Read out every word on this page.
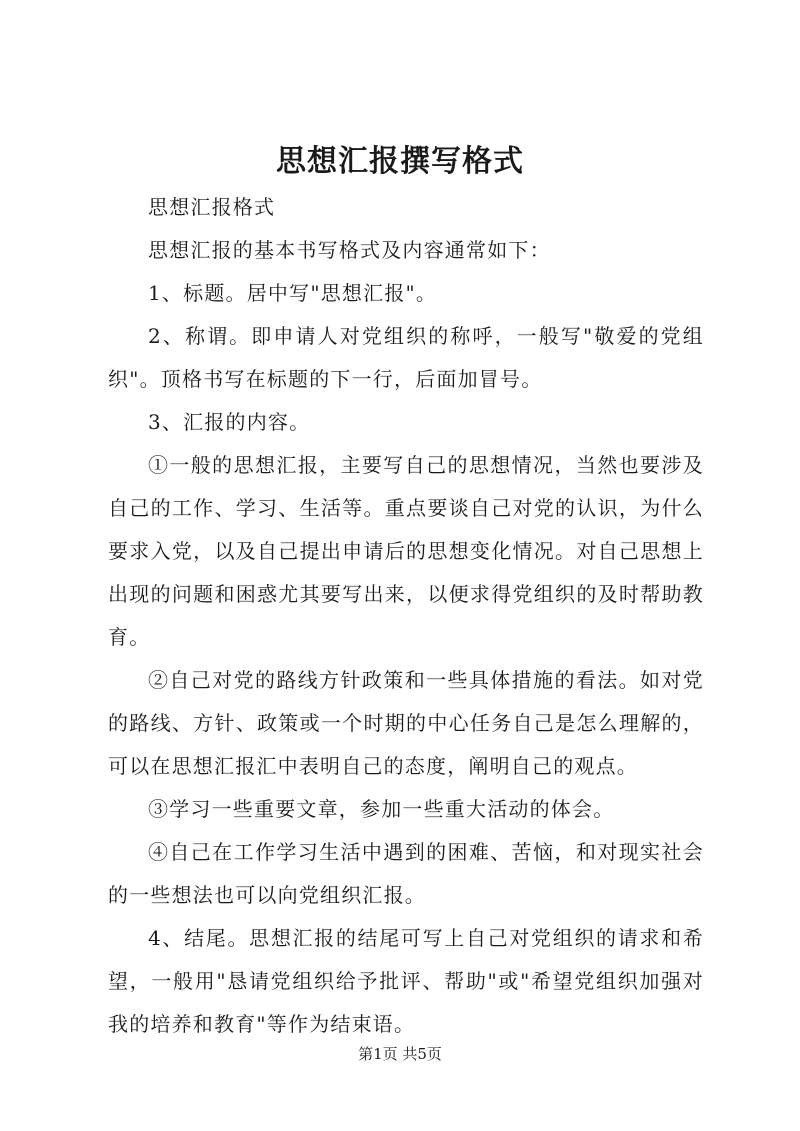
思想汇报撰写格式

思想汇报格式

思想汇报的基本书写格式及内容通常如下：

1、标题。居中写"思想汇报"。

2、称谓。即申请人对党组织的称呼，一般写"敬爱的党组织"。顶格书写在标题的下一行，后面加冒号。

3、汇报的内容。

①一般的思想汇报，主要写自己的思想情况，当然也要涉及自己的工作、学习、生活等。重点要谈自己对党的认识，为什么要求入党，以及自己提出申请后的思想变化情况。对自己思想上出现的问题和困惑尤其要写出来，以便求得党组织的及时帮助教育。

②自己对党的路线方针政策和一些具体措施的看法。如对党的路线、方针、政策或一个时期的中心任务自己是怎么理解的，可以在思想汇报汇中表明自己的态度，阐明自己的观点。

③学习一些重要文章，参加一些重大活动的体会。

④自己在工作学习生活中遇到的困难、苦恼，和对现实社会的一些想法也可以向党组织汇报。

4、结尾。思想汇报的结尾可写上自己对党组织的请求和希望，一般用"恳请党组织给予批评、帮助"或"希望党组织加强对我的培养和教育"等作为结束语。

第1页 共5页
